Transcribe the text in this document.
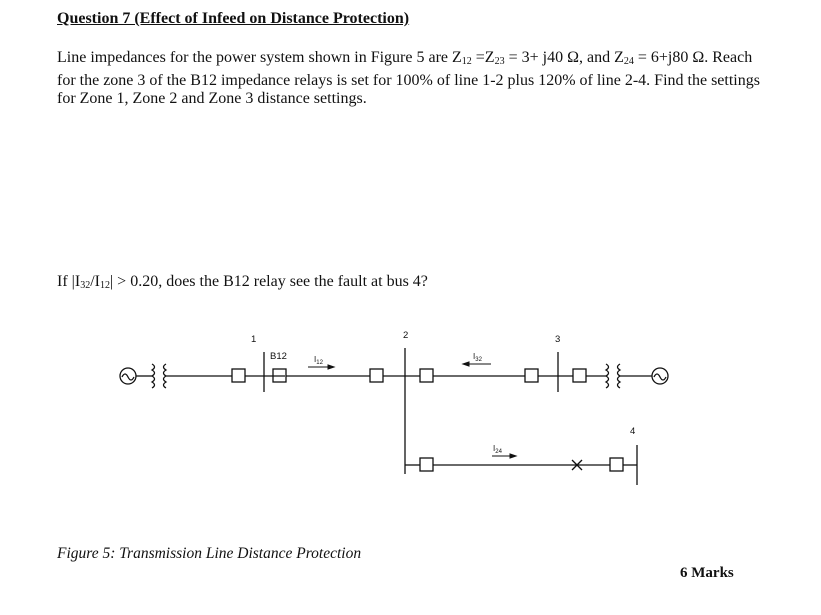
Question 7 (Effect of Infeed on Distance Protection)
Line impedances for the power system shown in Figure 5 are $Z_{12} =Z_{23} = 3+ j40$ Ω, and $Z_{24} = 6+j80$ Ω. Reach for the zone 3 of the B12 impedance relays is set for 100% of line 1-2 plus 120% of line 2-4. Find the settings for Zone 1, Zone 2 and Zone 3 distance settings.
If $|I_{32}/I_{12}| > 0.20$, does the B12 relay see the fault at bus 4?
1	2	3
4
B12	$I_{12}$
$I_{32}$
$I_{24}$
Figure 5: Transmission Line Distance Protection
6 Marks
